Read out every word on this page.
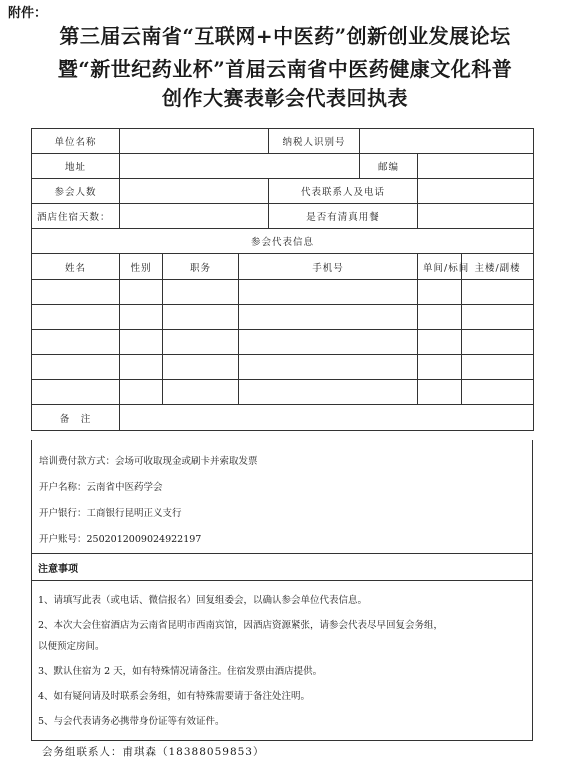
附件：
第三届云南省“互联网+中医药”创新创业发展论坛
暨“新世纪药业杯”首届云南省中医药健康文化科普
创作大赛表彰会代表回执表
单位名称				纳税人识别号			
地址					邮编		
参会人数				代表联系人及电话			
酒店住宿天数：				是否有清真用餐			
参会代表信息							
姓名	性别	职务	手机号			单间/标间	主楼/副楼

备　注							
培训费付款方式：会场可收取现金或刷卡并索取发票
开户名称：云南省中医药学会
开户银行：工商银行昆明正义支行
开户账号：2502012009024922197
注意事项
1、请填写此表（或电话、微信报名）回复组委会，以确认参会单位代表信息。
2、本次大会住宿酒店为云南省昆明市西南宾馆，因酒店资源紧张，请参会代表尽早回复会务组，
以便预定房间。
3、默认住宿为 2 天，如有特殊情况请备注。住宿发票由酒店提供。
4、如有疑问请及时联系会务组，如有特殊需要请于备注处注明。
5、与会代表请务必携带身份证等有效证件。
会务组联系人：甫琪森（18388059853）
